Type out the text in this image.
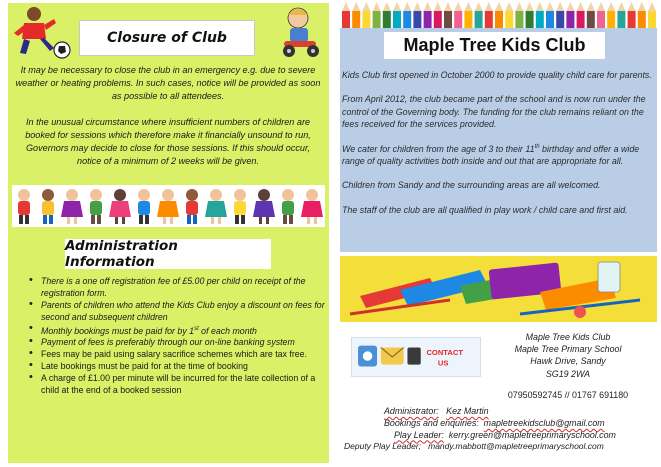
Closure of Club

It may be necessary to close the club in an emergency e.g. due to severe weather or heating problems. In such cases, notice will be provided as soon as possible to all attendees.

In the unusual circumstance where insufficient numbers of children are booked for sessions which therefore make it financially unsound to run, Governors may decide to close for those sessions. If this should occur, notice of a minimum of 2 weeks will be given.

Administration Information
• There is a one off registration fee of £5.00 per child on receipt of the registration form.
• Parents of children who attend the Kids Club enjoy a discount on fees for second and subsequent children
• Monthly bookings must be paid for by 1st of each month
• Payment of fees is preferably through our on-line banking system
• Fees may be paid using salary sacrifice schemes which are tax free.
• Late bookings must be paid for at the time of booking
• A charge of £1.00 per minute will be incurred for the late collection of a child at the end of a booked session
Maple Tree Kids Club

Kids Club first opened in October 2000 to provide quality child care for parents.

From April 2012, the club became part of the school and is now run under the control of the Governing body. The funding for the club remains reliant on the fees received for the services provided.

We cater for children from the age of 3 to their 11th birthday and offer a wide range of quality activities both inside and out that are appropriate for all.

Children from Sandy and the surrounding areas are all welcomed.

The staff of the club are all qualified in play work / child care and first aid.

CONTACT
US
Maple Tree Kids Club
Maple Tree Primary School
Hawk Drive, Sandy
SG19 2WA
07950592745 // 01767 691180
Administrator: Kez Martin
Bookings and enquiries: mapletreekidsclub@gmail.com
Play Leader: kerry.green@mapletreeprimaryschool.com
Deputy Play Leader; mandy.mabbott@mapletreeprimaryschool.com
